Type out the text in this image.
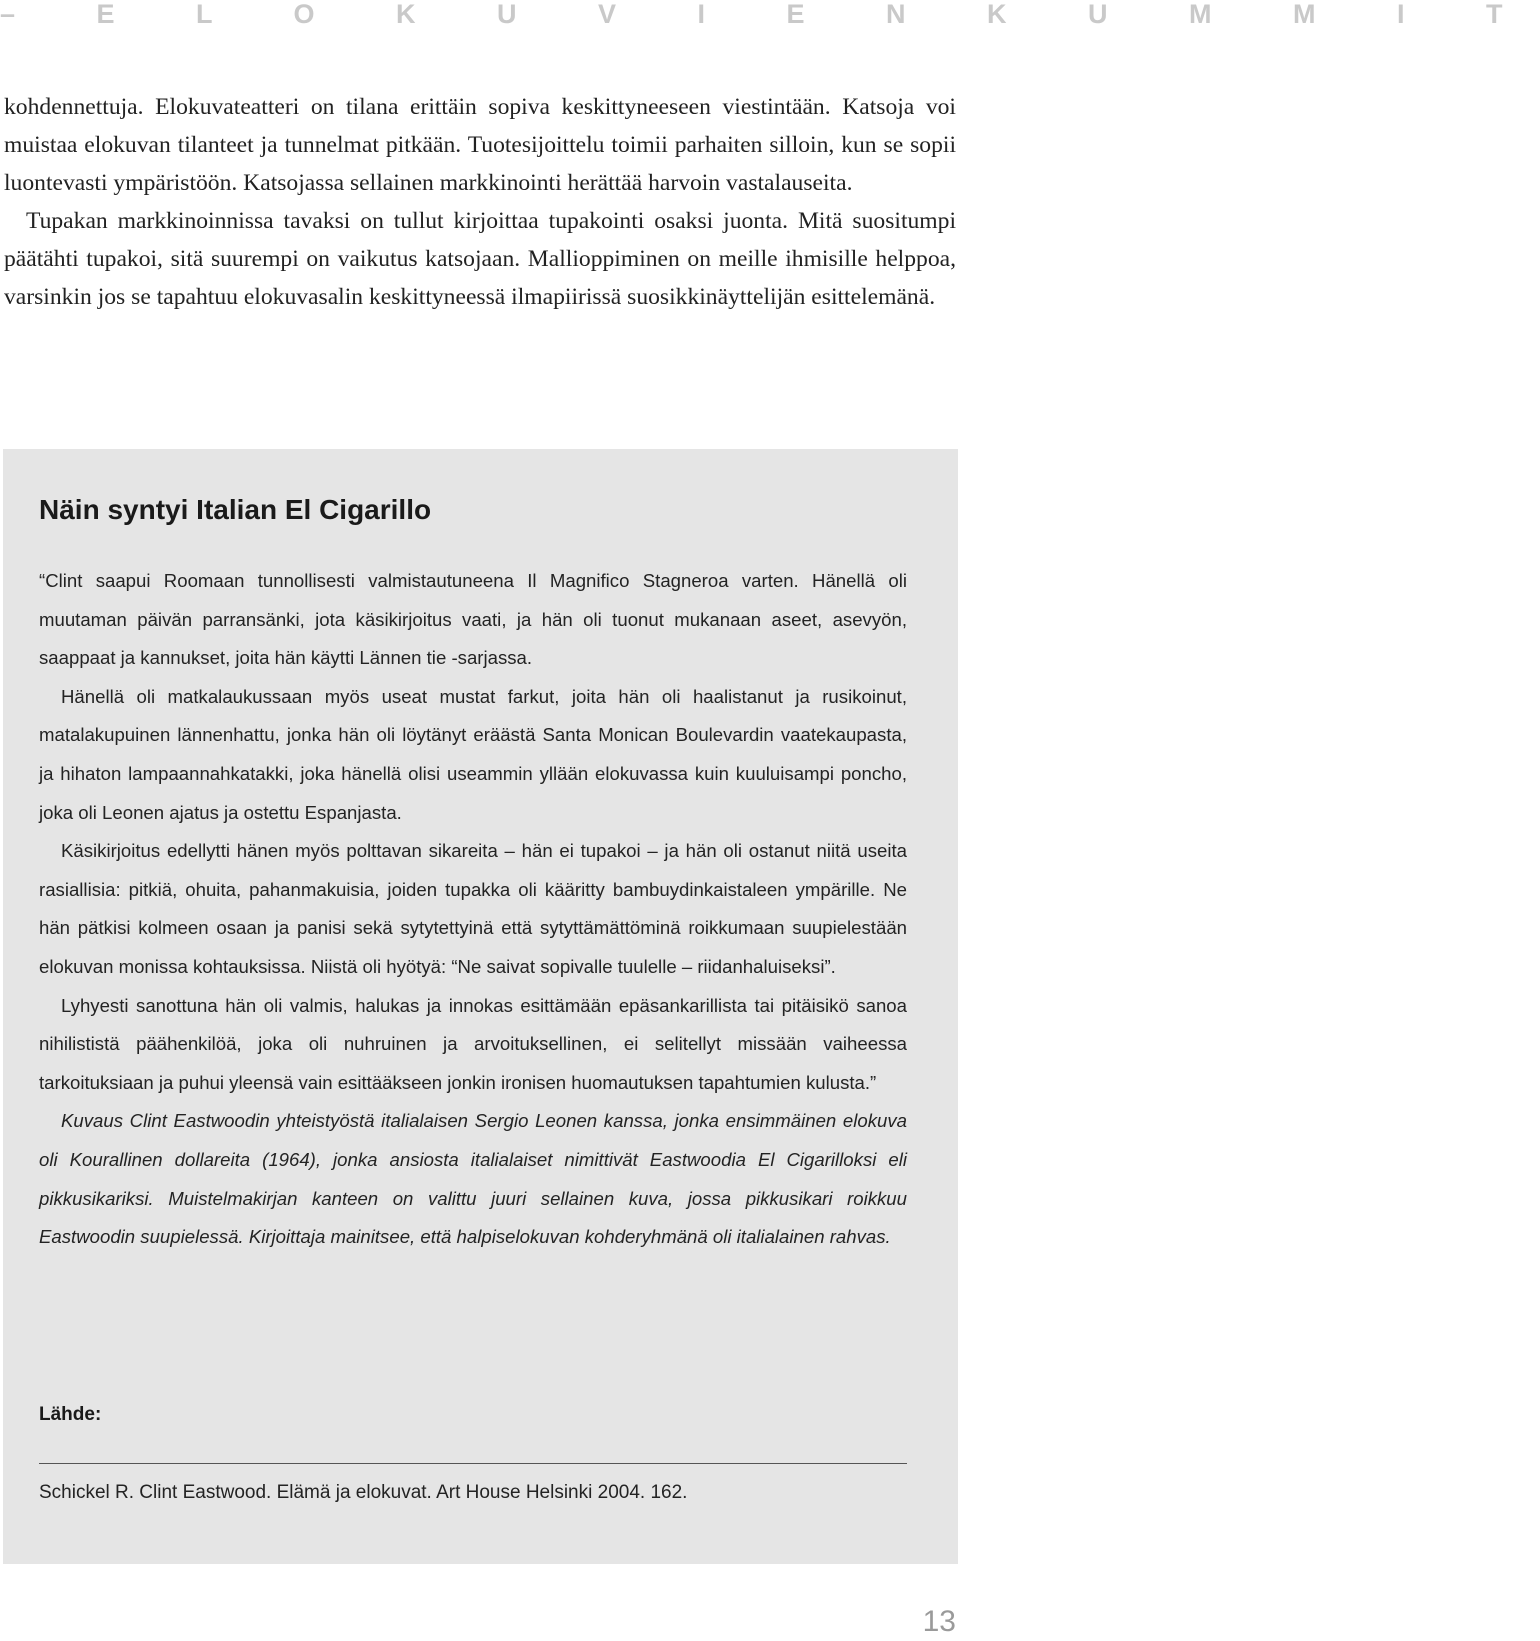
– E L O K U V I E N K U M M I T

kohdennettuja. Elokuvateatteri on tilana erittäin sopiva keskittyneeseen viestintään. Katsoja voi muistaa elokuvan tilanteet ja tunnelmat pitkään. Tuotesijoittelu toimii parhaiten silloin, kun se sopii luontevasti ympäristöön. Katsojassa sellainen markkinointi herättää harvoin vastalauseita.

Tupakan markkinoinnissa tavaksi on tullut kirjoittaa tupakointi osaksi juonta. Mitä suositumpi päätähti tupakoi, sitä suurempi on vaikutus katsojaan. Mallioppiminen on meille ihmisille helppoa, varsinkin jos se tapahtuu elokuvasalin keskittyneessä ilmapiirissä suosikkinäyttelijän esittelemänä.

Näin syntyi Italian El Cigarillo

“Clint saapui Roomaan tunnollisesti valmistautuneena Il Magnifico Stagneroa varten. Hänellä oli muutaman päivän parransänki, jota käsikirjoitus vaati, ja hän oli tuonut mukanaan aseet, asevyön, saappaat ja kannukset, joita hän käytti Lännen tie -sarjassa.

Hänellä oli matkalaukussaan myös useat mustat farkut, joita hän oli haalistanut ja rusikoinut, matalakupuinen lännenhattu, jonka hän oli löytänyt eräästä Santa Monican Boulevardin vaatekaupasta, ja hihaton lampaannahkatakki, joka hänellä olisi useammin yllään elokuvassa kuin kuuluisampi poncho, joka oli Leonen ajatus ja ostettu Espanjasta.

Käsikirjoitus edellytti hänen myös polttavan sikareita – hän ei tupakoi – ja hän oli ostanut niitä useita rasiallisia: pitkiä, ohuita, pahanmakuisia, joiden tupakka oli kääritty bambuydinkaistaleen ympärille. Ne hän pätkisi kolmeen osaan ja panisi sekä sytytettyinä että sytyttämättöminä roikkumaan suupielestään elokuvan monissa kohtauksissa. Niistä oli hyötyä: “Ne saivat sopivalle tuulelle – riidanhaluiseksi”.

Lyhyesti sanottuna hän oli valmis, halukas ja innokas esittämään epäsankarillista tai pitäisikö sanoa nihilististä päähenkilöä, joka oli nuhruinen ja arvoituksellinen, ei selitellyt missään vaiheessa tarkoituksiaan ja puhui yleensä vain esittääkseen jonkin ironisen huomautuksen tapahtumien kulusta.”

Kuvaus Clint Eastwoodin yhteistyöstä italialaisen Sergio Leonen kanssa, jonka ensimmäinen elokuva oli Kourallinen dollareita (1964), jonka ansiosta italialaiset nimittivät Eastwoodia El Cigarilloksi eli pikkusikariksi. Muistelmakirjan kanteen on valittu juuri sellainen kuva, jossa pikkusikari roikkuu Eastwoodin suupielessä. Kirjoittaja mainitsee, että halpiselokuvan kohderyhmänä oli italialainen rahvas.

Lähde:

Schickel R. Clint Eastwood. Elämä ja elokuvat. Art House Helsinki 2004. 162.

13
